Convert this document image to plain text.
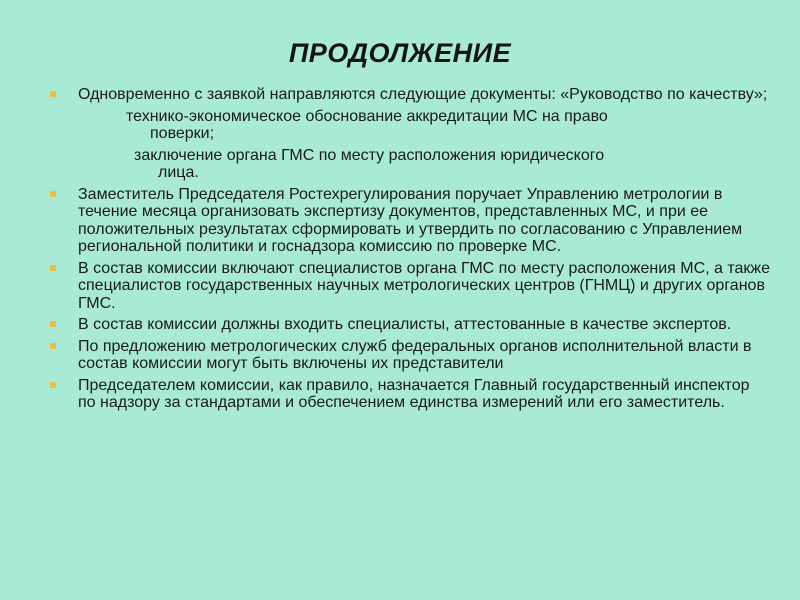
ПРОДОЛЖЕНИЕ
Одновременно с заявкой направляются следующие документы: «Руководство по качеству»;
технико-экономическое обоснование аккредитации МС на право
поверки;
заключение органа ГМС по месту расположения юридического
лица.
Заместитель Председателя Ростехрегулирования поручает Управлению метрологии в течение месяца организовать экспертизу документов, представленных МС, и при ее положительных результатах сформировать и утвердить по согласованию с Управлением региональной политики и госнадзора комиссию по проверке МС.
В состав комиссии включают специалистов органа ГМС по месту расположения МС, а также специалистов государственных научных метрологических центров (ГНМЦ) и других органов ГМС.
В состав комиссии должны входить специалисты, аттестованные в качестве экспертов.
По предложению метрологических служб федеральных органов исполнительной власти в состав комиссии могут быть включены их представители
Председателем комиссии, как правило, назначается Главный государственный инспектор по надзору за стандартами и обеспечением единства измерений или его заместитель.
